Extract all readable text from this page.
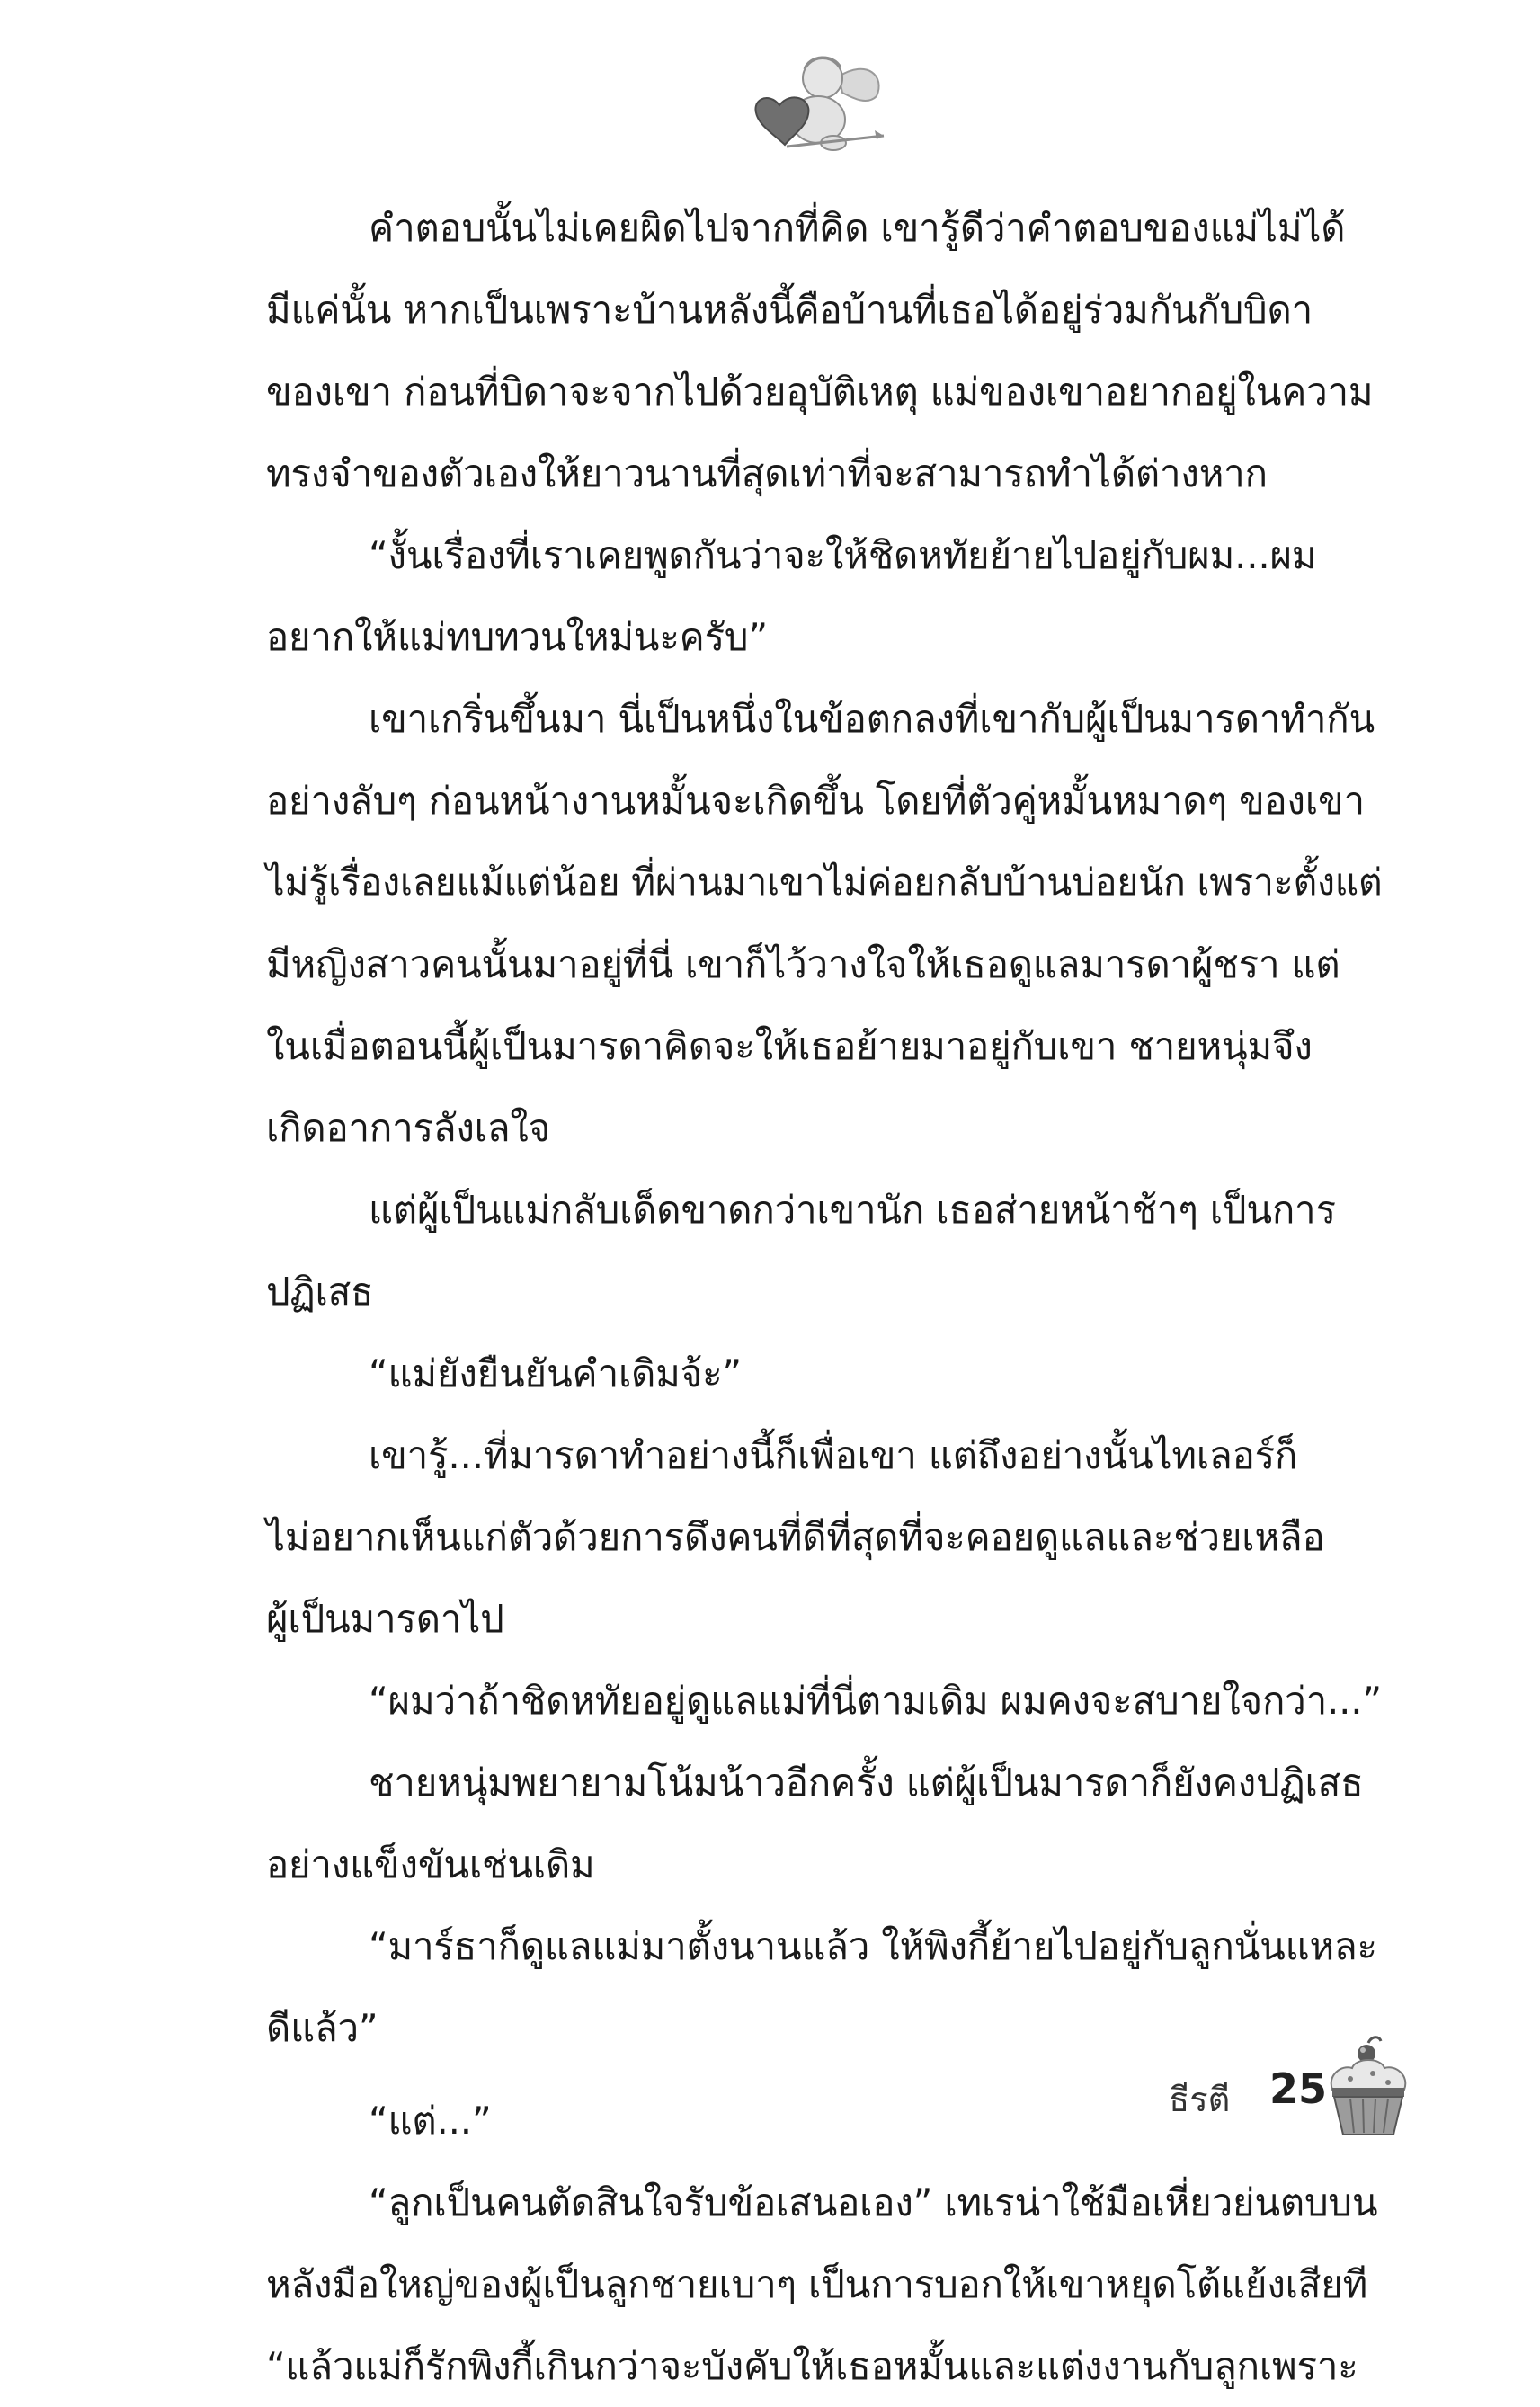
คำตอบนั้นไม่เคยผิดไปจากที่คิด เขารู้ดีว่าคำตอบของแม่ไม่ได้
มีแค่นั้น หากเป็นเพราะบ้านหลังนี้คือบ้านที่เธอได้อยู่ร่วมกันกับบิดา
ของเขา ก่อนที่บิดาจะจากไปด้วยอุบัติเหตุ แม่ของเขาอยากอยู่ในความ
ทรงจำของตัวเองให้ยาวนานที่สุดเท่าที่จะสามารถทำได้ต่างหาก
“งั้นเรื่องที่เราเคยพูดกันว่าจะให้ชิดหทัยย้ายไปอยู่กับผม...ผม
อยากให้แม่ทบทวนใหม่นะครับ”
เขาเกริ่นขึ้นมา นี่เป็นหนึ่งในข้อตกลงที่เขากับผู้เป็นมารดาทำกัน
อย่างลับๆ ก่อนหน้างานหมั้นจะเกิดขึ้น โดยที่ตัวคู่หมั้นหมาดๆ ของเขา
ไม่รู้เรื่องเลยแม้แต่น้อย ที่ผ่านมาเขาไม่ค่อยกลับบ้านบ่อยนัก เพราะตั้งแต่
มีหญิงสาวคนนั้นมาอยู่ที่นี่ เขาก็ไว้วางใจให้เธอดูแลมารดาผู้ชรา แต่
ในเมื่อตอนนี้ผู้เป็นมารดาคิดจะให้เธอย้ายมาอยู่กับเขา ชายหนุ่มจึง
เกิดอาการลังเลใจ
แต่ผู้เป็นแม่กลับเด็ดขาดกว่าเขานัก เธอส่ายหน้าช้าๆ เป็นการ
ปฏิเสธ
“แม่ยังยืนยันคำเดิมจ้ะ”
เขารู้...ที่มารดาทำอย่างนี้ก็เพื่อเขา แต่ถึงอย่างนั้นไทเลอร์ก็
ไม่อยากเห็นแก่ตัวด้วยการดึงคนที่ดีที่สุดที่จะคอยดูแลและช่วยเหลือ
ผู้เป็นมารดาไป
“ผมว่าถ้าชิดหทัยอยู่ดูแลแม่ที่นี่ตามเดิม ผมคงจะสบายใจกว่า...”
ชายหนุ่มพยายามโน้มน้าวอีกครั้ง แต่ผู้เป็นมารดาก็ยังคงปฏิเสธ
อย่างแข็งขันเช่นเดิม
“มาร์ธาก็ดูแลแม่มาตั้งนานแล้ว ให้พิงกี้ย้ายไปอยู่กับลูกนั่นแหละ
ดีแล้ว”
“แต่...”
“ลูกเป็นคนตัดสินใจรับข้อเสนอเอง” เทเรน่าใช้มือเหี่ยวย่นตบบน
หลังมือใหญ่ของผู้เป็นลูกชายเบาๆ เป็นการบอกให้เขาหยุดโต้แย้งเสียที
“แล้วแม่ก็รักพิงกี้เกินกว่าจะบังคับให้เธอหมั้นและแต่งงานกับลูกเพราะ
ธีรตี 25
